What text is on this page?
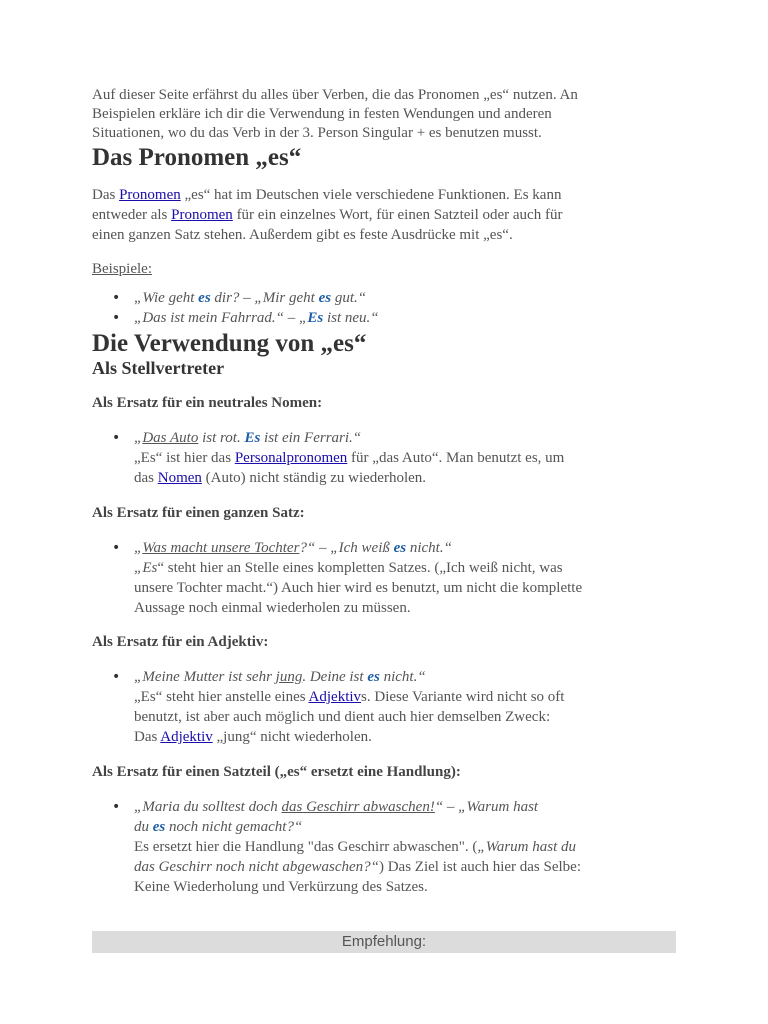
Auf dieser Seite erfährst du alles über Verben, die das Pronomen „es“ nutzen. An
Beispielen erkläre ich dir die Verwendung in festen Wendungen und anderen
Situationen, wo du das Verb in der 3. Person Singular + es benutzen musst.

Das Pronomen „es“

Das Pronomen „es“ hat im Deutschen viele verschiedene Funktionen. Es kann
entweder als Pronomen für ein einzelnes Wort, für einen Satzteil oder auch für
einen ganzen Satz stehen. Außerdem gibt es feste Ausdrücke mit „es“.

Beispiele:

• „Wie geht es dir? – „Mir geht es gut.“
• „Das ist mein Fahrrad.“ – „Es ist neu.“
Die Verwendung von „es“
Als Stellvertreter
Als Ersatz für ein neutrales Nomen:
• „Das Auto ist rot. Es ist ein Ferrari.“
„Es“ ist hier das Personalpronomen für „das Auto“. Man benutzt es, um
das Nomen (Auto) nicht ständig zu wiederholen.
Als Ersatz für einen ganzen Satz:
• „Was macht unsere Tochter?“ – „Ich weiß es nicht.“
„Es“ steht hier an Stelle eines kompletten Satzes. („Ich weiß nicht, was
unsere Tochter macht.“) Auch hier wird es benutzt, um nicht die komplette
Aussage noch einmal wiederholen zu müssen.
Als Ersatz für ein Adjektiv:
• „Meine Mutter ist sehr jung. Deine ist es nicht.“
„Es“ steht hier anstelle eines Adjektivs. Diese Variante wird nicht so oft
benutzt, ist aber auch möglich und dient auch hier demselben Zweck:
Das Adjektiv „jung“ nicht wiederholen.
Als Ersatz für einen Satzteil („es“ ersetzt eine Handlung):
• „Maria du solltest doch das Geschirr abwaschen!“ – „Warum hast
du es noch nicht gemacht?“
Es ersetzt hier die Handlung "das Geschirr abwaschen". („Warum hast du
das Geschirr noch nicht abgewaschen?“) Das Ziel ist auch hier das Selbe:
Keine Wiederholung und Verkürzung des Satzes.
Empfehlung:
